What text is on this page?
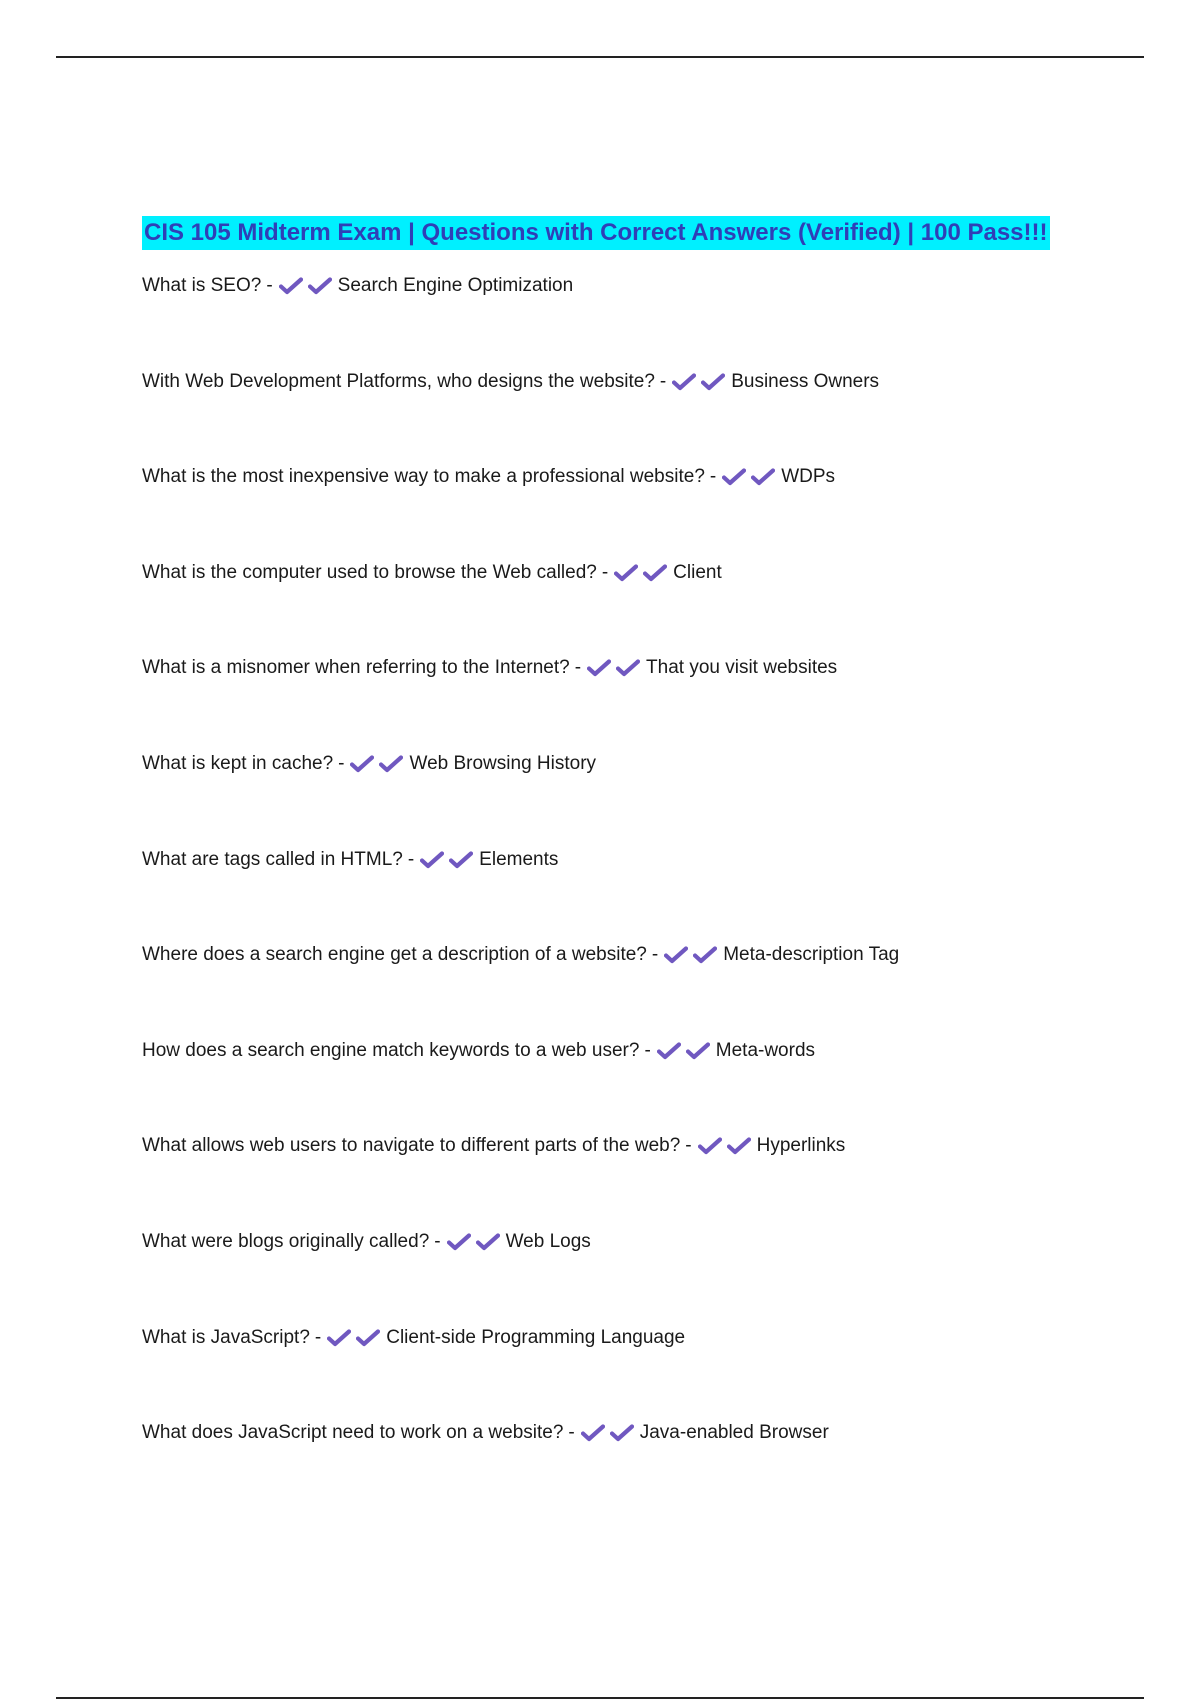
CIS 105 Midterm Exam | Questions with Correct Answers (Verified) | 100 Pass!!!
What is SEO? -	Search Engine Optimization
With Web Development Platforms, who designs the website? -	Business Owners
What is the most inexpensive way to make a professional website? -	WDPs
What is the computer used to browse the Web called? -	Client
What is a misnomer when referring to the Internet? -	That you visit websites
What is kept in cache? -	Web Browsing History
What are tags called in HTML? -	Elements
Where does a search engine get a description of a website? -	Meta-description Tag
How does a search engine match keywords to a web user? -	Meta-words
What allows web users to navigate to different parts of the web? -	Hyperlinks
What were blogs originally called? -	Web Logs
What is JavaScript? -	Client-side Programming Language
What does JavaScript need to work on a website? -	Java-enabled Browser
